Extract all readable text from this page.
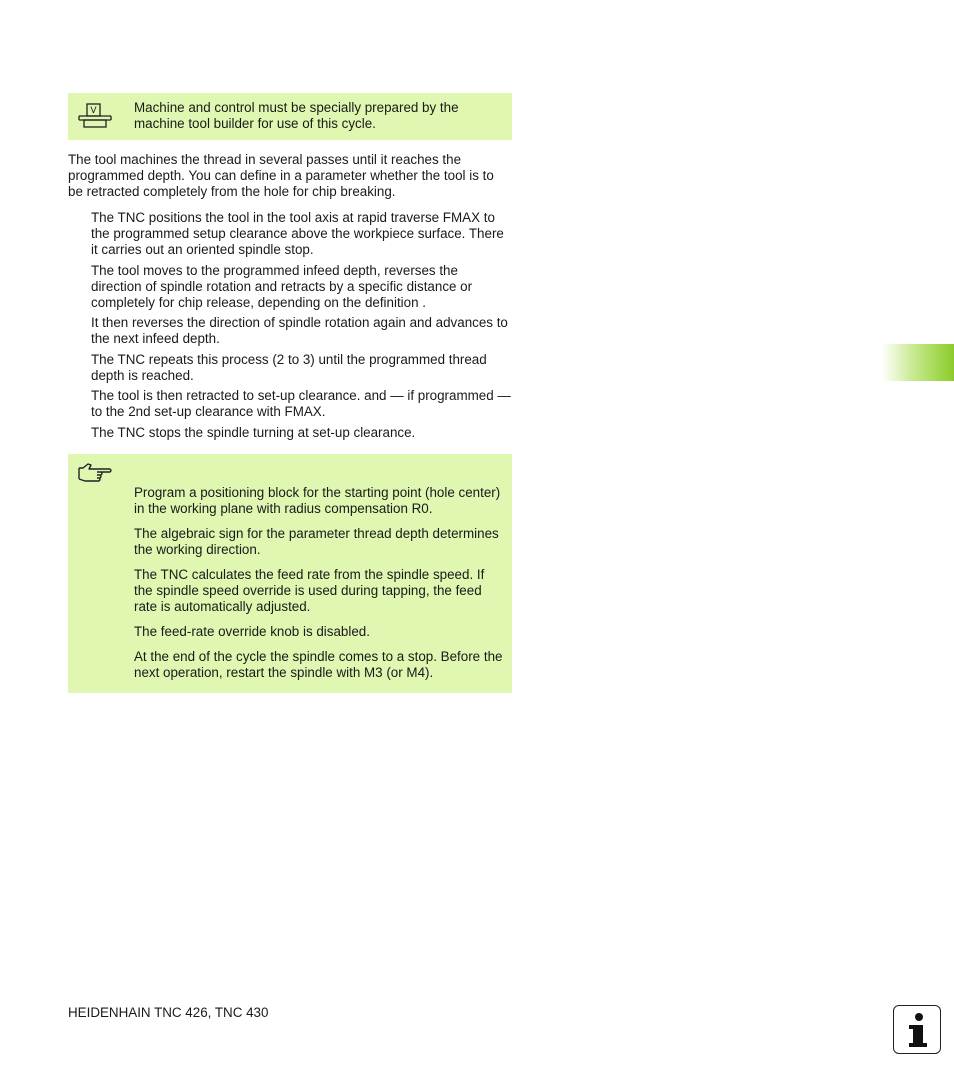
V	Machine and control must be specially prepared by the machine tool builder for use of this cycle.

The tool machines the thread in several passes until it reaches the programmed depth. You can define in a parameter whether the tool is to be retracted completely from the hole for chip breaking.

The TNC positions the tool in the tool axis at rapid traverse FMAX to the programmed setup clearance above the workpiece surface. There it carries out an oriented spindle stop.
The tool moves to the programmed infeed depth, reverses the direction of spindle rotation and retracts by a specific distance or completely for chip release, depending on the definition .
It then reverses the direction of spindle rotation again and advances to the next infeed depth.
The TNC repeats this process (2 to 3) until the programmed thread depth is reached.
The tool is then retracted to set-up clearance. and — if programmed — to the 2nd set-up clearance with FMAX.
The TNC stops the spindle turning at set-up clearance.

Program a positioning block for the starting point (hole center) in the working plane with radius compensation R0.

The algebraic sign for the parameter thread depth determines the working direction.

The TNC calculates the feed rate from the spindle speed. If the spindle speed override is used during tapping, the feed rate is automatically adjusted.

The feed-rate override knob is disabled.

At the end of the cycle the spindle comes to a stop. Before the next operation, restart the spindle with M3 (or M4).

HEIDENHAIN TNC 426, TNC 430
